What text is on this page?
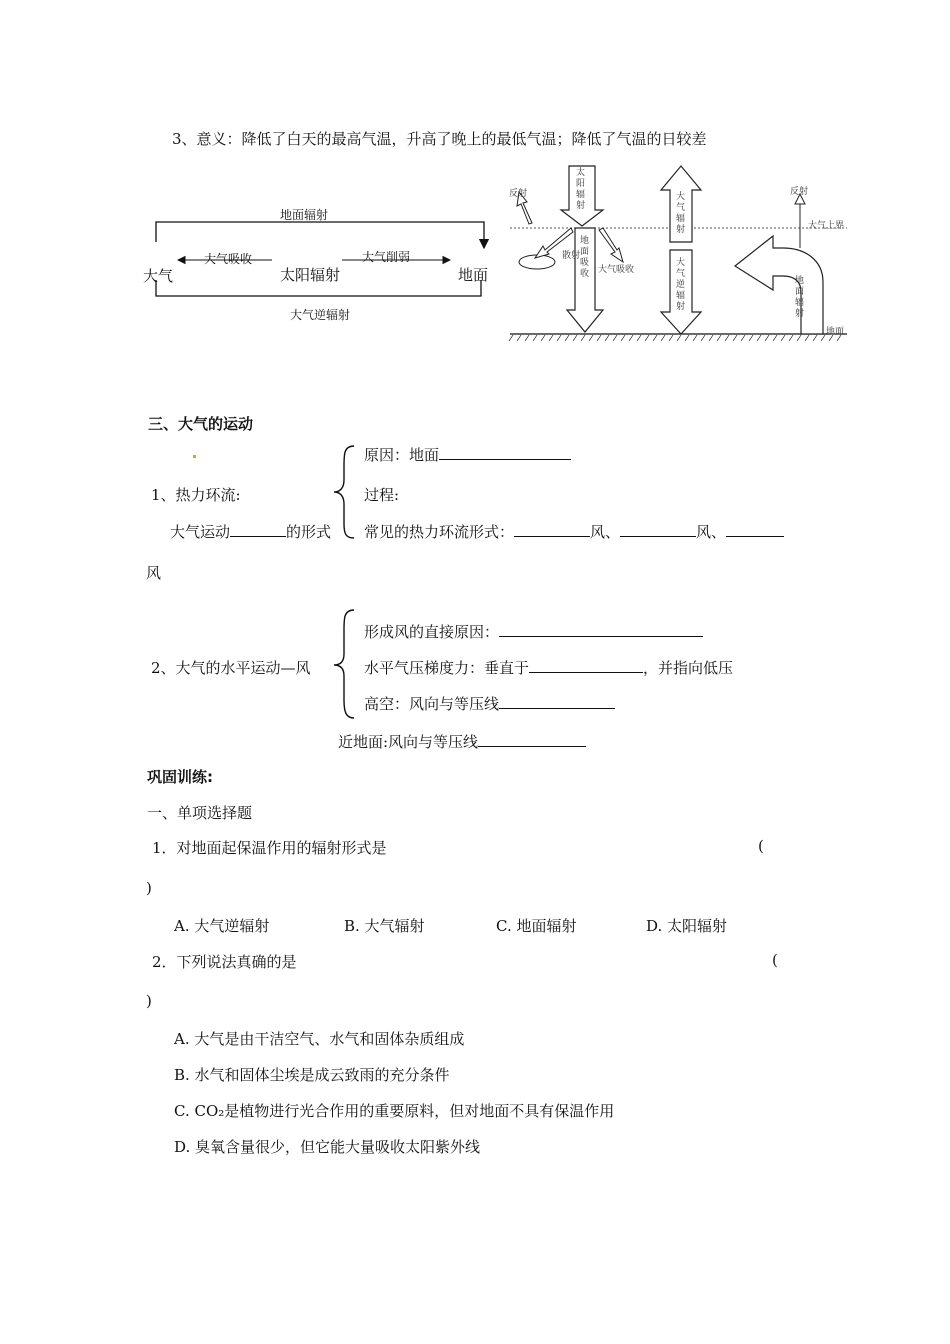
3、意义：降低了白天的最高气温，升高了晚上的最低气温；降低了气温的日较差
地面辐射
大气	太阳辐射	地面
大气吸收	大气削弱
大气逆辐射
反射
太阳辐射
散射
地面吸收 大气吸收
大气辐射
大气逆辐射
反射
大气上界
地面辐射
地面
三、大气的运动
1、热力环流:
原因：地面
过程:
大气运动	的形式 常见的热力环流形式：	风、	风、
风
2、大气的水平运动—风
形成风的直接原因：
水平气压梯度力：垂直于	，并指向低压
高空：风向与等压线
近地面:风向与等压线
巩固训练:
一、单项选择题
1．对地面起保温作用的辐射形式是	(
)
A. 大气逆辐射	B. 大气辐射	C. 地面辐射	D. 太阳辐射
2．下列说法真确的是	(
)
A. 大气是由干洁空气、水气和固体杂质组成
B. 水气和固体尘埃是成云致雨的充分条件
C. CO₂是植物进行光合作用的重要原料，但对地面不具有保温作用
D. 臭氧含量很少，但它能大量吸收太阳紫外线
